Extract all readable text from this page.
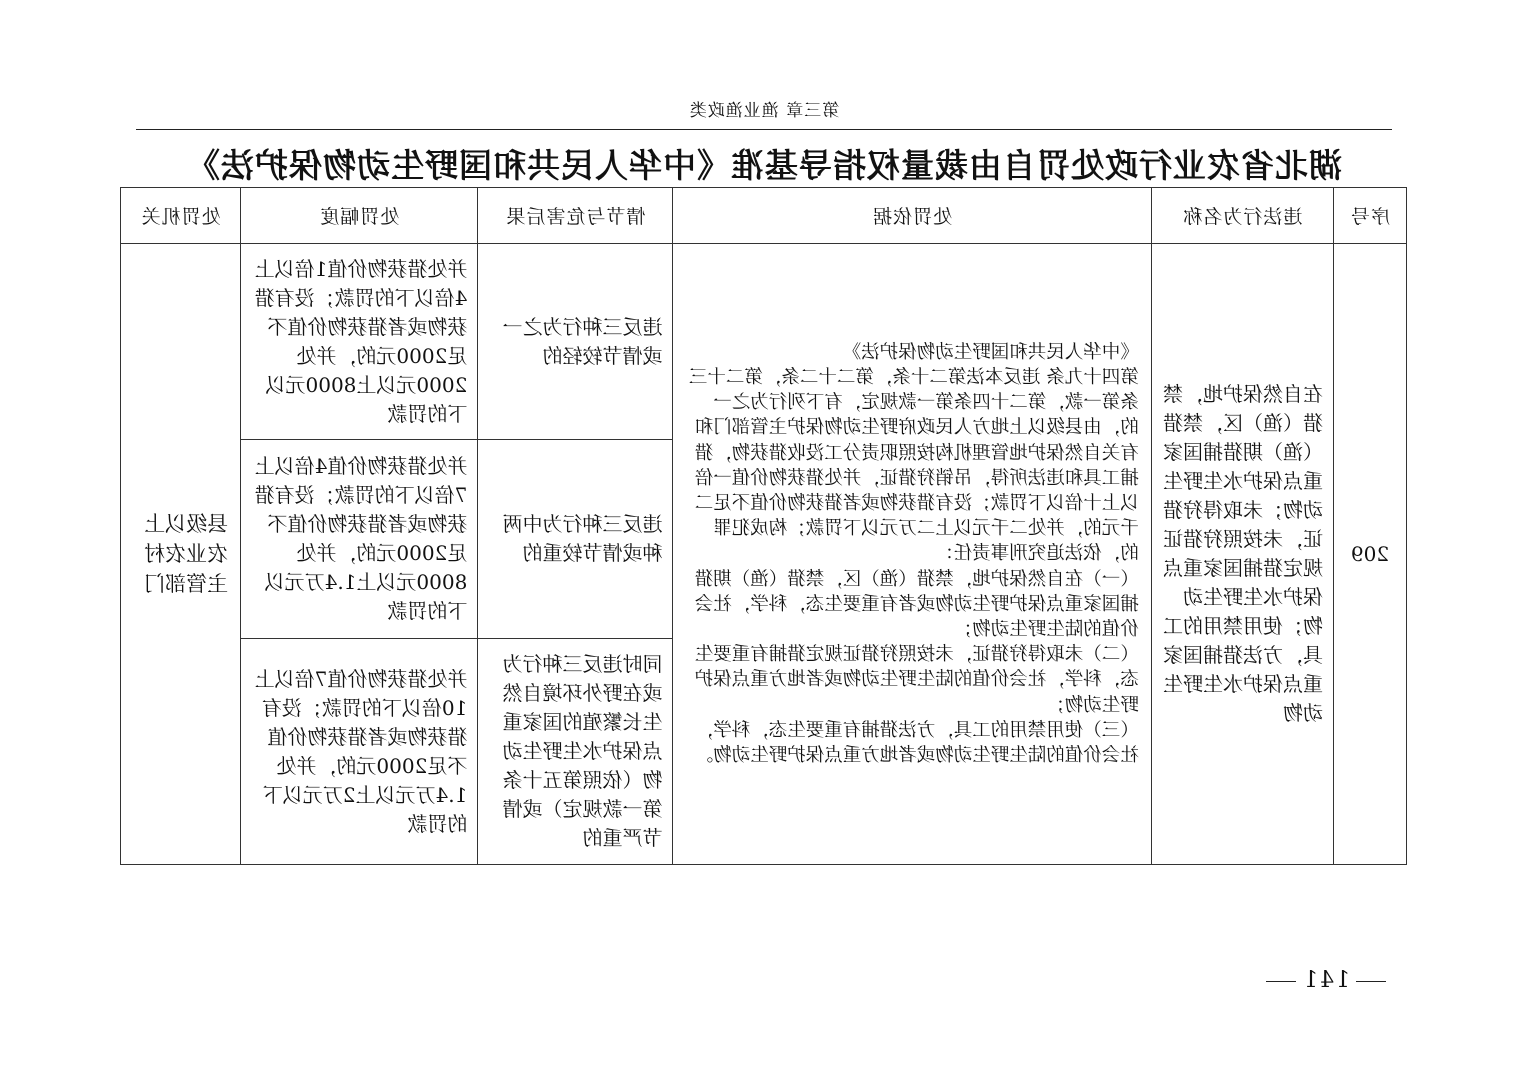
第三章 渔业渔政类
湖北省农业行政处罚自由裁量权指导基准《中华人民共和国野生动物保护法》
序号	违法行为名称	处罚依据	情节与危害后果	处罚幅度	处罚机关
209	在自然保护地，禁猎（渔）区，禁猎（渔）期猎捕国家重点保护水生野生动物；未取得狩猎证，未按照狩猎证规定猎捕国家重点保护水生野生动物；使用禁用的工具，方法猎捕国家重点保护水生野生动物	《中华人民共和国野生动物保护法》
第四十九条 违反本法第二十条，第二十二条，第二十三条第一款，第二十四条第一款规定，有下列行为之一的，由县级以上地方人民政府野生动物保护主管部门和有关自然保护地管理机构按照职责分工没收猎获物，猎捕工具和违法所得，吊销狩猎证，并处猎获物价值一倍以上十倍以下罚款；没有猎获物或者猎获物价值不足二千元的，并处二千元以上二万元以下罚款；构成犯罪的，依法追究刑事责任：
（一）在自然保护地，禁猎（渔）区，禁猎（渔）期猎捕国家重点保护野生动物或者有重要生态，科学，社会价值的陆生野生动物；
（二）未取得狩猎证，未按照狩猎证规定猎捕有重要生态，科学，社会价值的陆生野生动物或者地方重点保护野生动物；
（三）使用禁用的工具，方法猎捕有重要生态，科学，社会价值的陆生野生动物或者地方重点保护野生动物。	违反三种行为之一或情节较轻的	并处猎获物价值1倍以上4倍以下的罚款；没有猎获物或者猎获物价值不足2000元的，并处2000元以上8000元以下的罚款	县级以上农业农村主管部门
			违反三种行为中两种或情节较重的	并处猎获物价值4倍以上7倍以下的罚款；没有猎获物或者猎获物价值不足2000元的，并处8000元以上1.4万元以下的罚款	
			同时违反三种行为或在野外环境自然生长繁殖的国家重点保护水生野生动物（依照第五十条第一款规定）或情节严重的	并处猎获物价值7倍以上10倍以下的罚款；没有猎获物或者猎获物价值不足2000元的，并处1.4万元以上2万元以下的罚款	
141
